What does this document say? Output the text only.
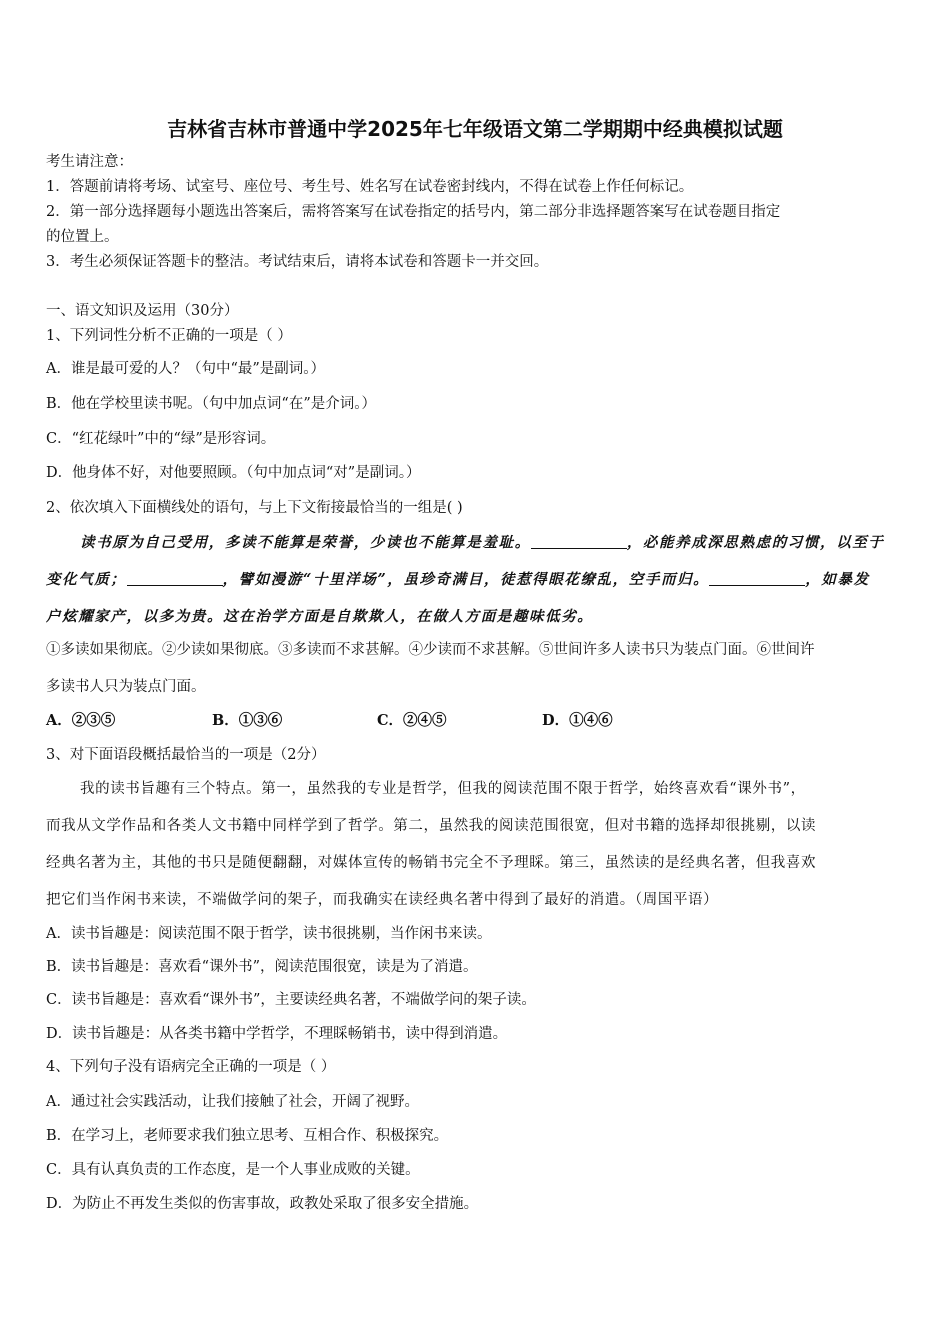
吉林省吉林市普通中学2025年七年级语文第二学期期中经典模拟试题
考生请注意：
1．答题前请将考场、试室号、座位号、考生号、姓名写在试卷密封线内，不得在试卷上作任何标记。
2．第一部分选择题每小题选出答案后，需将答案写在试卷指定的括号内，第二部分非选择题答案写在试卷题目指定
的位置上。
3．考生必须保证答题卡的整洁。考试结束后，请将本试卷和答题卡一并交回。
一、语文知识及运用（30分）
1、下列词性分析不正确的一项是（ ）
A．谁是最可爱的人？（句中“最”是副词。）
B．他在学校里读书呢。（句中加点词“在”是介词。）
C．“红花绿叶”中的“绿”是形容词。
D．他身体不好，对他要照顾。（句中加点词“对”是副词。）
2、依次填入下面横线处的语句，与上下文衔接最恰当的一组是( )
读书原为自己受用，多读不能算是荣誉，少读也不能算是羞耻。	，必能养成深思熟虑的习惯，以至于
变化气质；	，譬如漫游“十里洋场”，虽珍奇满目，徒惹得眼花缭乱，空手而归。	，如暴发
户炫耀家产，以多为贵。这在治学方面是自欺欺人，在做人方面是趣味低劣。
①多读如果彻底。②少读如果彻底。③多读而不求甚解。④少读而不求甚解。⑤世间许多人读书只为装点门面。⑥世间许
多读书人只为装点门面。
A．②③⑤	B．①③⑥	C．②④⑤	D．①④⑥
3、对下面语段概括最恰当的一项是（2分）
我的读书旨趣有三个特点。第一，虽然我的专业是哲学，但我的阅读范围不限于哲学，始终喜欢看“课外书”，
而我从文学作品和各类人文书籍中同样学到了哲学。第二，虽然我的阅读范围很宽，但对书籍的选择却很挑剔，以读
经典名著为主，其他的书只是随便翻翻，对媒体宣传的畅销书完全不予理睬。第三，虽然读的是经典名著，但我喜欢
把它们当作闲书来读，不端做学问的架子，而我确实在读经典名著中得到了最好的消遣。（周国平语）
A．读书旨趣是：阅读范围不限于哲学，读书很挑剔，当作闲书来读。
B．读书旨趣是：喜欢看“课外书”，阅读范围很宽，读是为了消遣。
C．读书旨趣是：喜欢看“课外书”，主要读经典名著，不端做学问的架子读。
D．读书旨趣是：从各类书籍中学哲学，不理睬畅销书，读中得到消遣。
4、下列句子没有语病完全正确的一项是（ ）
A．通过社会实践活动，让我们接触了社会，开阔了视野。
B．在学习上，老师要求我们独立思考、互相合作、积极探究。
C．具有认真负责的工作态度，是一个人事业成败的关键。
D．为防止不再发生类似的伤害事故，政教处采取了很多安全措施。
